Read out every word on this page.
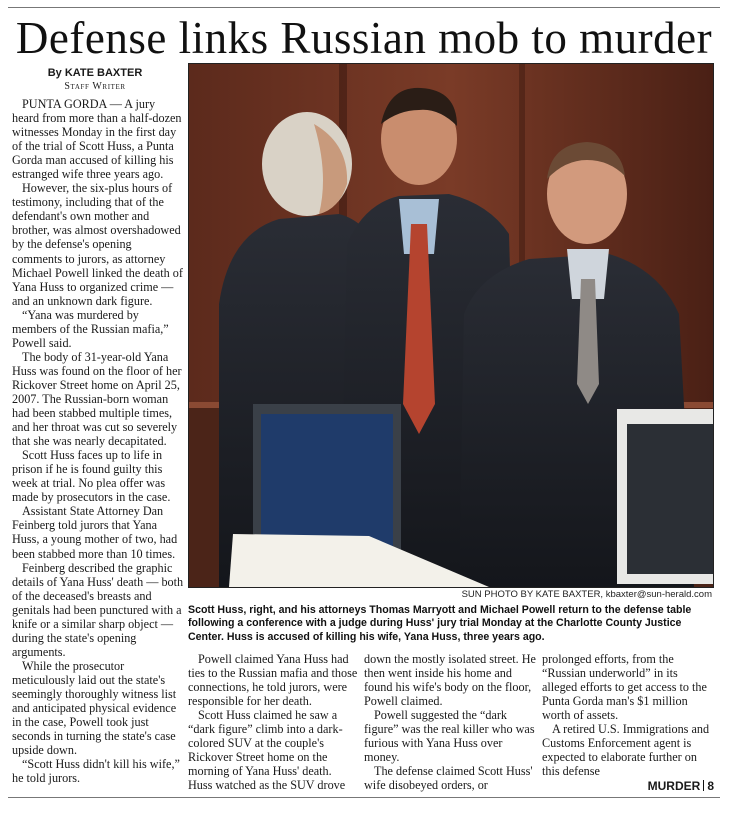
Defense links Russian mob to murder
By KATE BAXTER
Staff Writer

PUNTA GORDA — A jury heard from more than a half-dozen witnesses Monday in the first day of the trial of Scott Huss, a Punta Gorda man accused of killing his estranged wife three years ago.

However, the six-plus hours of testimony, including that of the defendant's own mother and brother, was almost overshadowed by the defense's opening comments to jurors, as attorney Michael Powell linked the death of Yana Huss to organized crime — and an unknown dark figure.

“Yana was murdered by members of the Russian mafia,” Powell said.

The body of 31-year-old Yana Huss was found on the floor of her Rickover Street home on April 25, 2007. The Russian-born woman had been stabbed multiple times, and her throat was cut so severely that she was nearly decapitated.

Scott Huss faces up to life in prison if he is found guilty this week at trial. No plea offer was made by prosecutors in the case.

Assistant State Attorney Dan Feinberg told jurors that Yana Huss, a young mother of two, had been stabbed more than 10 times.

Feinberg described the graphic details of Yana Huss' death — both of the deceased's breasts and genitals had been punctured with a knife or a similar sharp object — during the state's opening arguments.

While the prosecutor meticulously laid out the state's seemingly thoroughly witness list and anticipated physical evidence in the case, Powell took just seconds in turning the state's case upside down.

“Scott Huss didn't kill his wife,” he told jurors.

SUN PHOTO BY KATE BAXTER, kbaxter@sun-herald.com
Scott Huss, right, and his attorneys Thomas Marryott and Michael Powell return to the defense table following a conference with a judge during Huss' jury trial Monday at the Charlotte County Justice Center. Huss is accused of killing his wife, Yana Huss, three years ago.

Powell claimed Yana Huss had ties to the Russian mafia and those connections, he told jurors, were responsible for her death.

Scott Huss claimed he saw a “dark figure” climb into a dark-colored SUV at the couple's Rickover Street home on the morning of Yana Huss' death. Huss watched as the SUV drove

down the mostly isolated street. He then went inside his home and found his wife's body on the floor, Powell claimed.

Powell suggested the “dark figure” was the real killer who was furious with Yana Huss over money.

The defense claimed Scott Huss' wife disobeyed orders, or

prolonged efforts, from the “Russian underworld” in its alleged efforts to get access to the Punta Gorda man's $1 million worth of assets.

A retired U.S. Immigrations and Customs Enforcement agent is expected to elaborate further on this defense

MURDER 8
